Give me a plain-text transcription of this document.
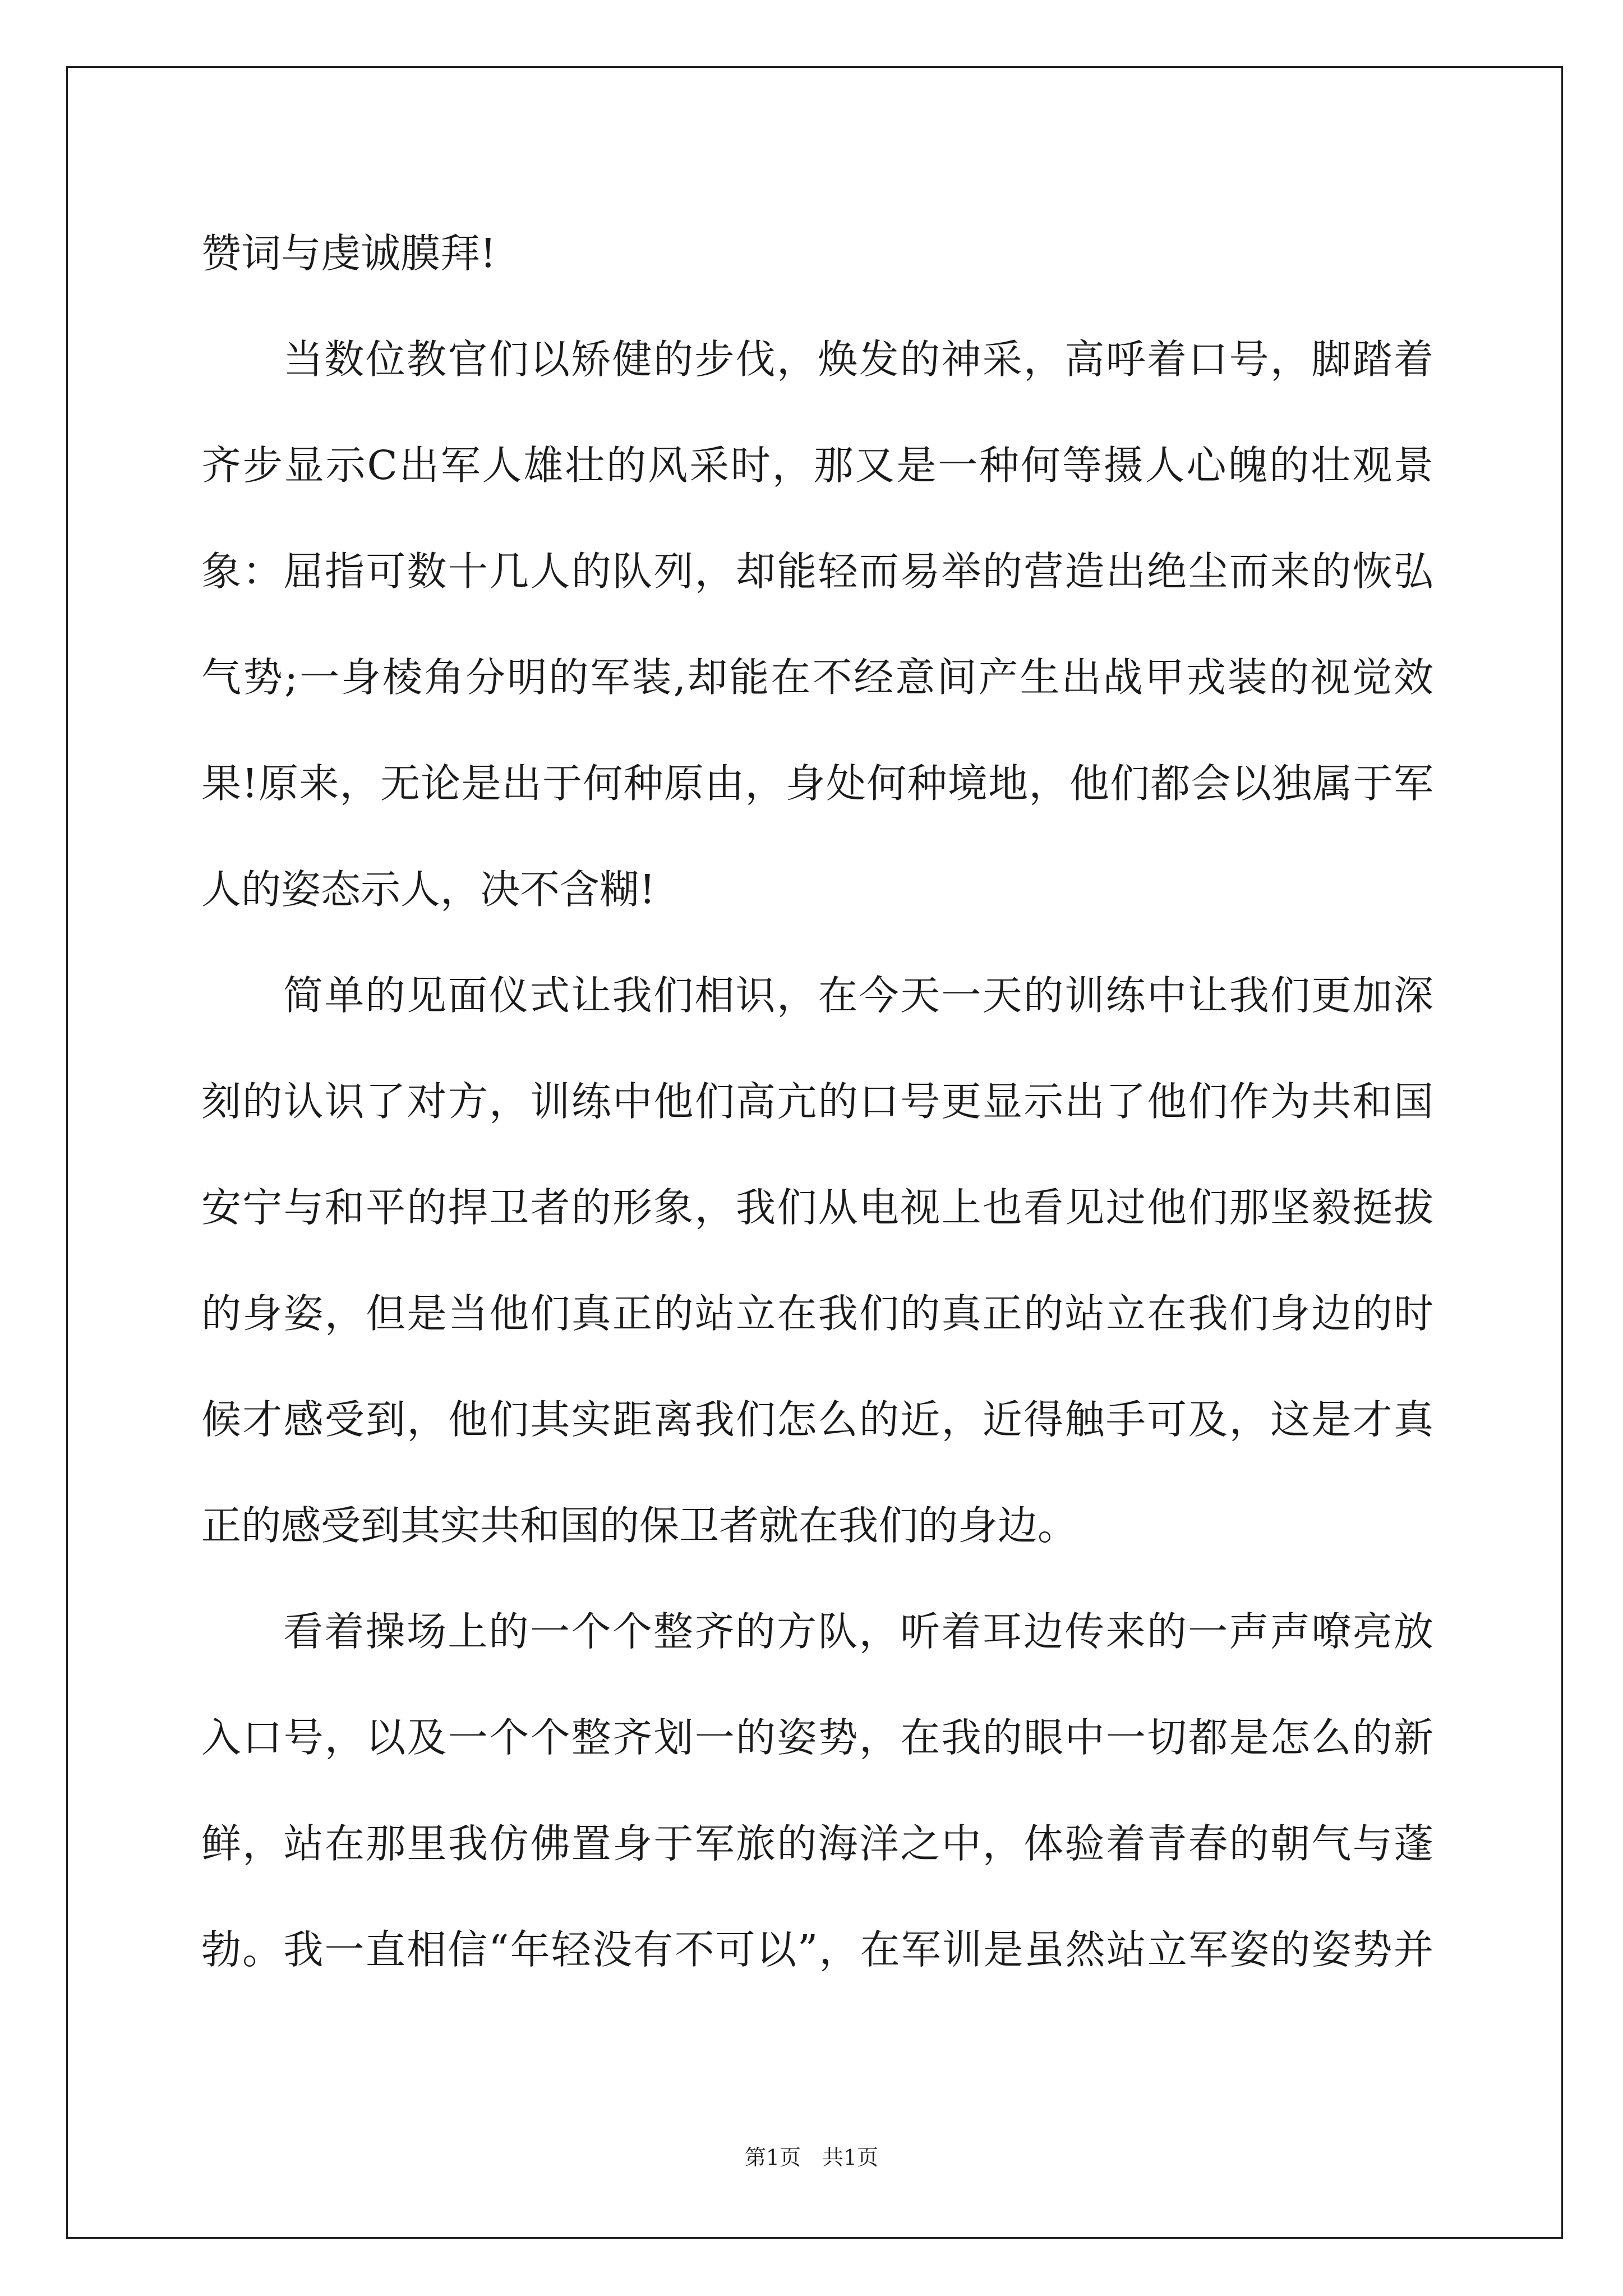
赞词与虔诚膜拜!
当数位教官们以矫健的步伐，焕发的神采，高呼着口号，脚踏着
齐步显示C出军人雄壮的风采时，那又是一种何等摄人心魄的壮观景
象：屈指可数十几人的队列，却能轻而易举的营造出绝尘而来的恢弘
气势;一身棱角分明的军装,却能在不经意间产生出战甲戎装的视觉效
果!原来，无论是出于何种原由，身处何种境地，他们都会以独属于军
人的姿态示人，决不含糊!
简单的见面仪式让我们相识，在今天一天的训练中让我们更加深
刻的认识了对方，训练中他们高亢的口号更显示出了他们作为共和国
安宁与和平的捍卫者的形象，我们从电视上也看见过他们那坚毅挺拔
的身姿，但是当他们真正的站立在我们的真正的站立在我们身边的时
候才感受到，他们其实距离我们怎么的近，近得触手可及，这是才真
正的感受到其实共和国的保卫者就在我们的身边。
看着操场上的一个个整齐的方队，听着耳边传来的一声声嘹亮放
入口号，以及一个个整齐划一的姿势，在我的眼中一切都是怎么的新
鲜，站在那里我仿佛置身于军旅的海洋之中，体验着青春的朝气与蓬
勃。我一直相信“年轻没有不可以”，在军训是虽然站立军姿的姿势并
第1页　共1页
